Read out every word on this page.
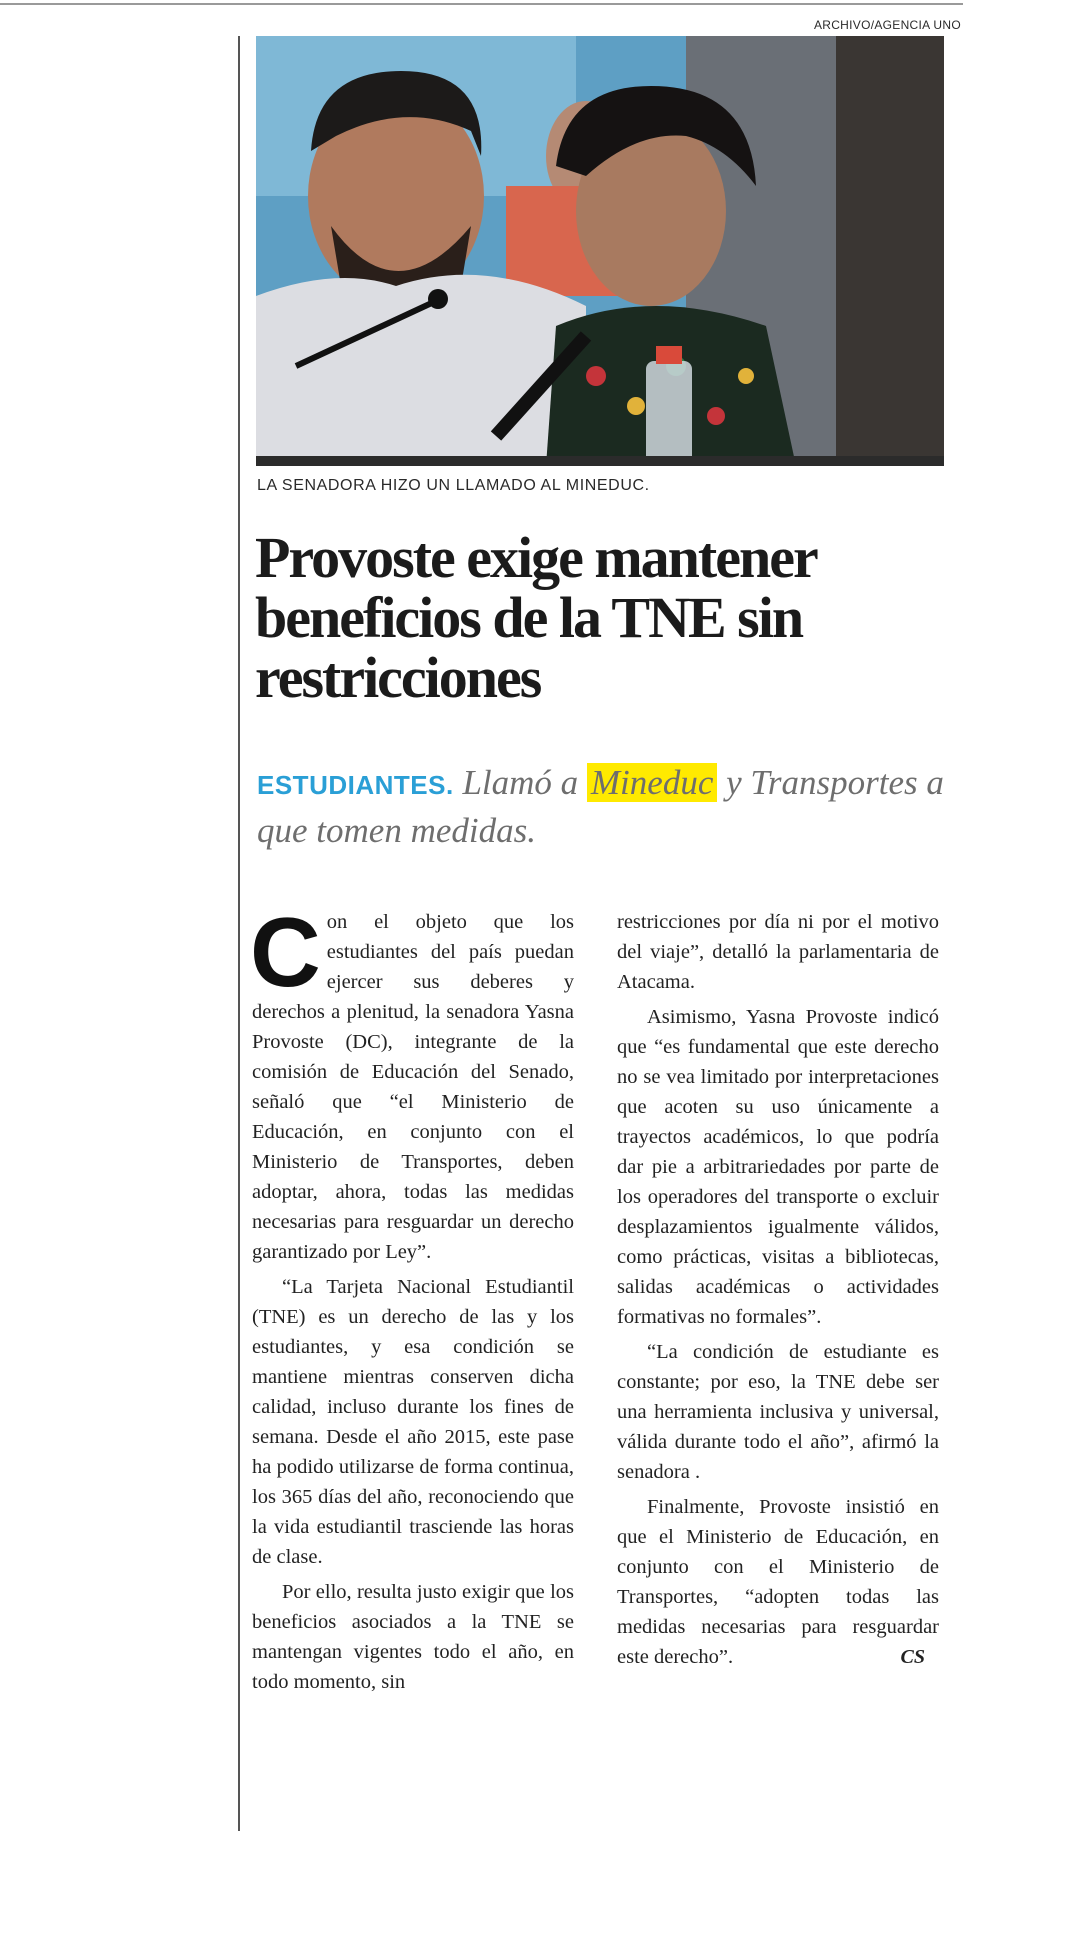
ARCHIVO/AGENCIA UNO
LA SENADORA HIZO UN LLAMADO AL MINEDUC.
Provoste exige mantener beneficios de la TNE sin restricciones
ESTUDIANTES. Llamó a Mineduc y Transportes a que tomen medidas.

Con el objeto que los estudiantes del país puedan ejercer sus deberes y derechos a plenitud, la senadora Yasna Provoste (DC), integrante de la comisión de Educación del Senado, señaló que “el Ministerio de Educación, en conjunto con el Ministerio de Transportes, deben adoptar, ahora, todas las medidas necesarias para resguardar un derecho garantizado por Ley”.

“La Tarjeta Nacional Estudiantil (TNE) es un derecho de las y los estudiantes, y esa condición se mantiene mientras conserven dicha calidad, incluso durante los fines de semana. Desde el año 2015, este pase ha podido utilizarse de forma continua, los 365 días del año, reconociendo que la vida estudiantil trasciende las horas de clase.

Por ello, resulta justo exigir que los beneficios asociados a la TNE se mantengan vigentes todo el año, en todo momento, sin

restricciones por día ni por el motivo del viaje”, detalló la parlamentaria de Atacama.

Asimismo, Yasna Provoste indicó que “es fundamental que este derecho no se vea limitado por interpretaciones que acoten su uso únicamente a trayectos académicos, lo que podría dar pie a arbitrariedades por parte de los operadores del transporte o excluir desplazamientos igualmente válidos, como prácticas, visitas a bibliotecas, salidas académicas o actividades formativas no formales”.

“La condición de estudiante es constante; por eso, la TNE debe ser una herramienta inclusiva y universal, válida durante todo el año”, afirmó la senadora .

Finalmente, Provoste insistió en que el Ministerio de Educación, en conjunto con el Ministerio de Transportes, “adopten todas las medidas necesarias para resguardar este derecho”.	CS
